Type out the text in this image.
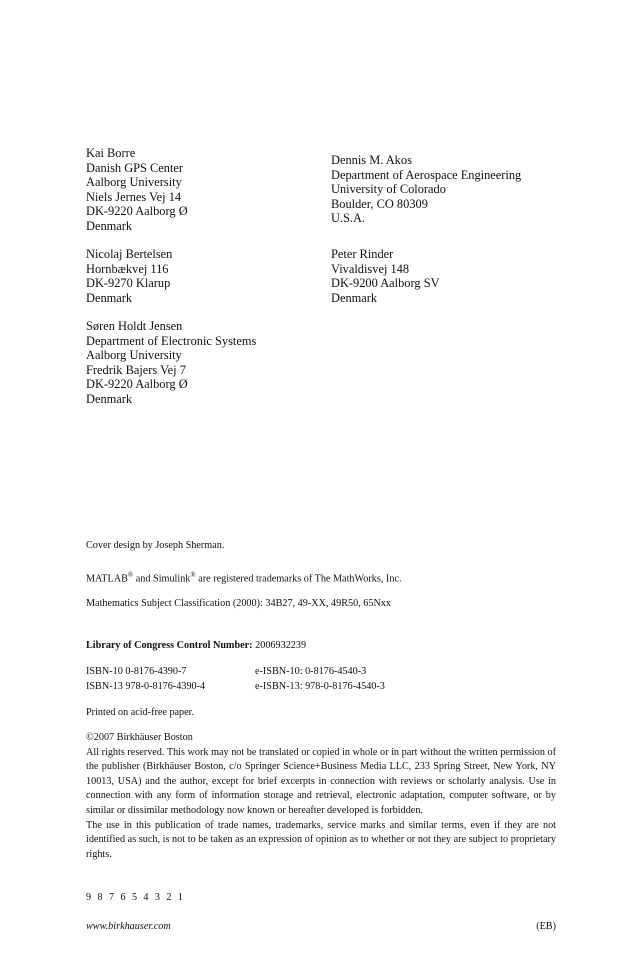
Kai Borre
Danish GPS Center
Aalborg University
Niels Jernes Vej 14
DK-9220 Aalborg Ø
Denmark
Dennis M. Akos
Department of Aerospace Engineering
University of Colorado
Boulder, CO 80309
U.S.A.
Nicolaj Bertelsen
Hornbækvej 116
DK-9270 Klarup
Denmark
Peter Rinder
Vivaldisvej 148
DK-9200 Aalborg SV
Denmark
Søren Holdt Jensen
Department of Electronic Systems
Aalborg University
Fredrik Bajers Vej 7
DK-9220 Aalborg Ø
Denmark
Cover design by Joseph Sherman.
MATLAB® and Simulink® are registered trademarks of The MathWorks, Inc.
Mathematics Subject Classification (2000): 34B27, 49-XX, 49R50, 65Nxx
Library of Congress Control Number: 2006932239
ISBN-10 0-8176-4390-7	e-ISBN-10: 0-8176-4540-3
ISBN-13 978-0-8176-4390-4	e-ISBN-13: 978-0-8176-4540-3
Printed on acid-free paper.
©2007 Birkhäuser Boston
All rights reserved. This work may not be translated or copied in whole or in part without the written permission of the publisher (Birkhäuser Boston, c/o Springer Science+Business Media LLC, 233 Spring Street, New York, NY 10013, USA) and the author, except for brief excerpts in connection with reviews or scholarly analysis. Use in connection with any form of information storage and retrieval, electronic adaptation, computer software, or by similar or dissimilar methodology now known or hereafter developed is forbidden.
The use in this publication of trade names, trademarks, service marks and similar terms, even if they are not identified as such, is not to be taken as an expression of opinion as to whether or not they are subject to proprietary rights.
9 8 7 6 5 4 3 2 1
www.birkhauser.com	(EB)
